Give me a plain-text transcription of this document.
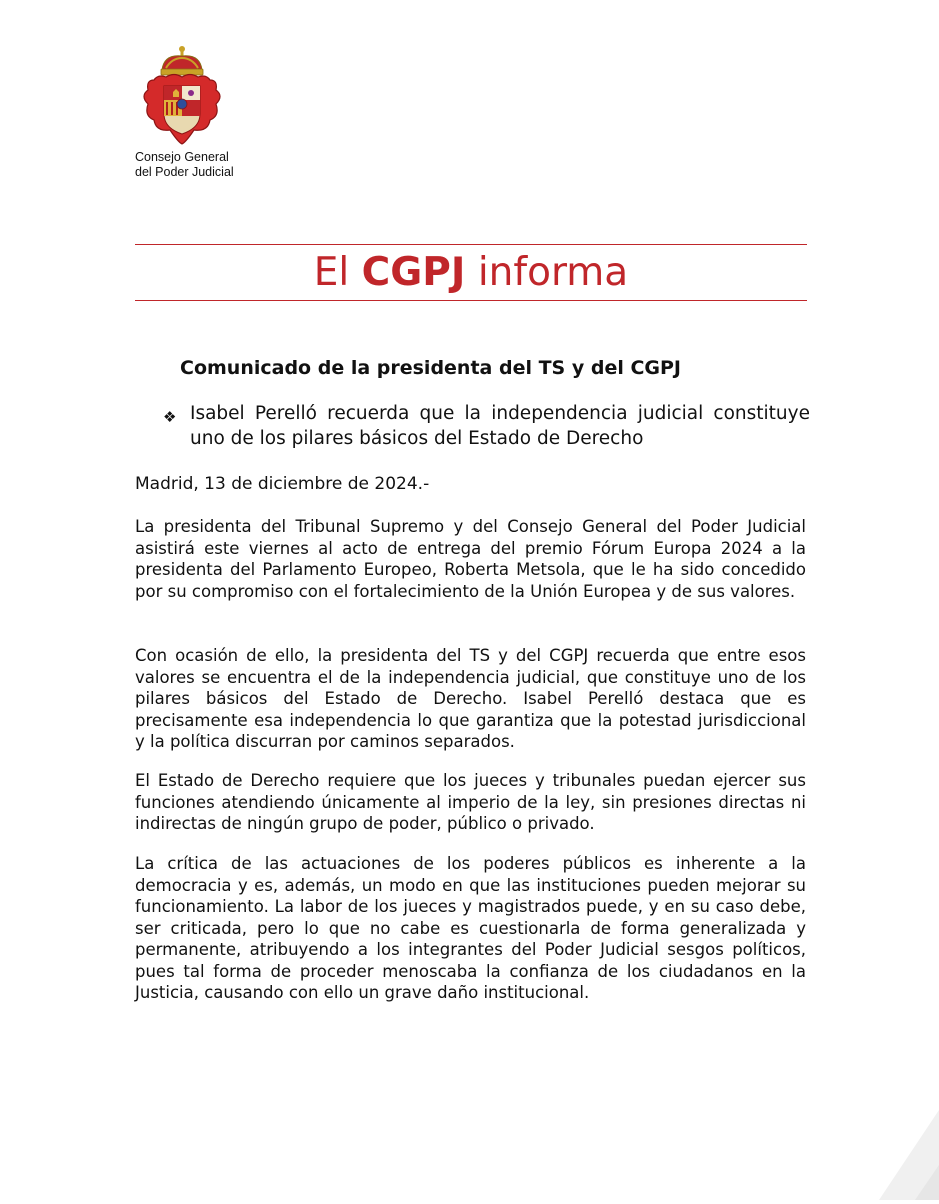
Consejo General
del Poder Judicial
El CGPJ informa
Comunicado de la presidenta del TS y del CGPJ
❖ Isabel Perelló recuerda que la independencia judicial constituye uno de los pilares básicos del Estado de Derecho
Madrid, 13 de diciembre de 2024.-

La presidenta del Tribunal Supremo y del Consejo General del Poder Judicial asistirá este viernes al acto de entrega del premio Fórum Europa 2024 a la presidenta del Parlamento Europeo, Roberta Metsola, que le ha sido concedido por su compromiso con el fortalecimiento de la Unión Europea y de sus valores.

Con ocasión de ello, la presidenta del TS y del CGPJ recuerda que entre esos valores se encuentra el de la independencia judicial, que constituye uno de los pilares básicos del Estado de Derecho. Isabel Perelló destaca que es precisamente esa independencia lo que garantiza que la potestad jurisdiccional y la política discurran por caminos separados.

El Estado de Derecho requiere que los jueces y tribunales puedan ejercer sus funciones atendiendo únicamente al imperio de la ley, sin presiones directas ni indirectas de ningún grupo de poder, público o privado.

La crítica de las actuaciones de los poderes públicos es inherente a la democracia y es, además, un modo en que las instituciones pueden mejorar su funcionamiento. La labor de los jueces y magistrados puede, y en su caso debe, ser criticada, pero lo que no cabe es cuestionarla de forma generalizada y permanente, atribuyendo a los integrantes del Poder Judicial sesgos políticos, pues tal forma de proceder menoscaba la confianza de los ciudadanos en la Justicia, causando con ello un grave daño institucional.
